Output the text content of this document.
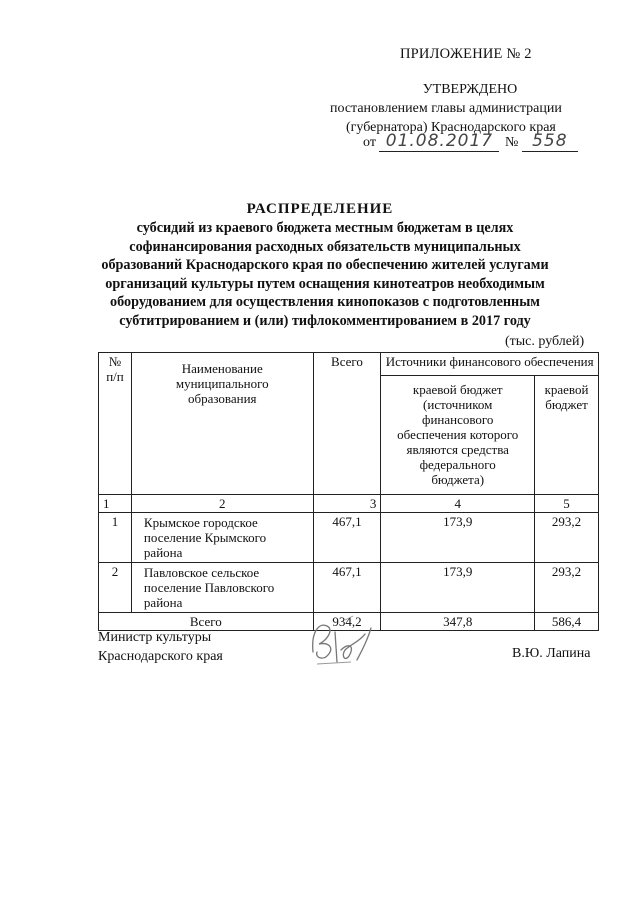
ПРИЛОЖЕНИЕ № 2
УТВЕРЖДЕНО
постановлением главы администрации
(губернатора) Краснодарского края
от 01.08.2017 № 558
РАСПРЕДЕЛЕНИЕ
субсидий из краевого бюджета местным бюджетам в целях софинансирования расходных обязательств муниципальных образований Краснодарского края по обеспечению жителей услугами организаций культуры путем оснащения кинотеатров необходимым оборудованием для осуществления кинопоказов с подготовленным субтитрированием и (или) тифлокомментированием в 2017 году
(тыс. рублей)
№ п/п	Наименование муниципального образования	Всего	Источники финансового обеспечения	
			краевой бюджет (источником финансового обеспечения которого являются средства федерального бюджета)	краевой бюджет
1	2	3	4	5
1	Крымское городское поселение Крымского района	467,1	173,9	293,2
2	Павловское сельское поселение Павловского района	467,1	173,9	293,2
Всего		934,2	347,8	586,4
Министр культуры
Краснодарского края	В.Ю. Лапина
